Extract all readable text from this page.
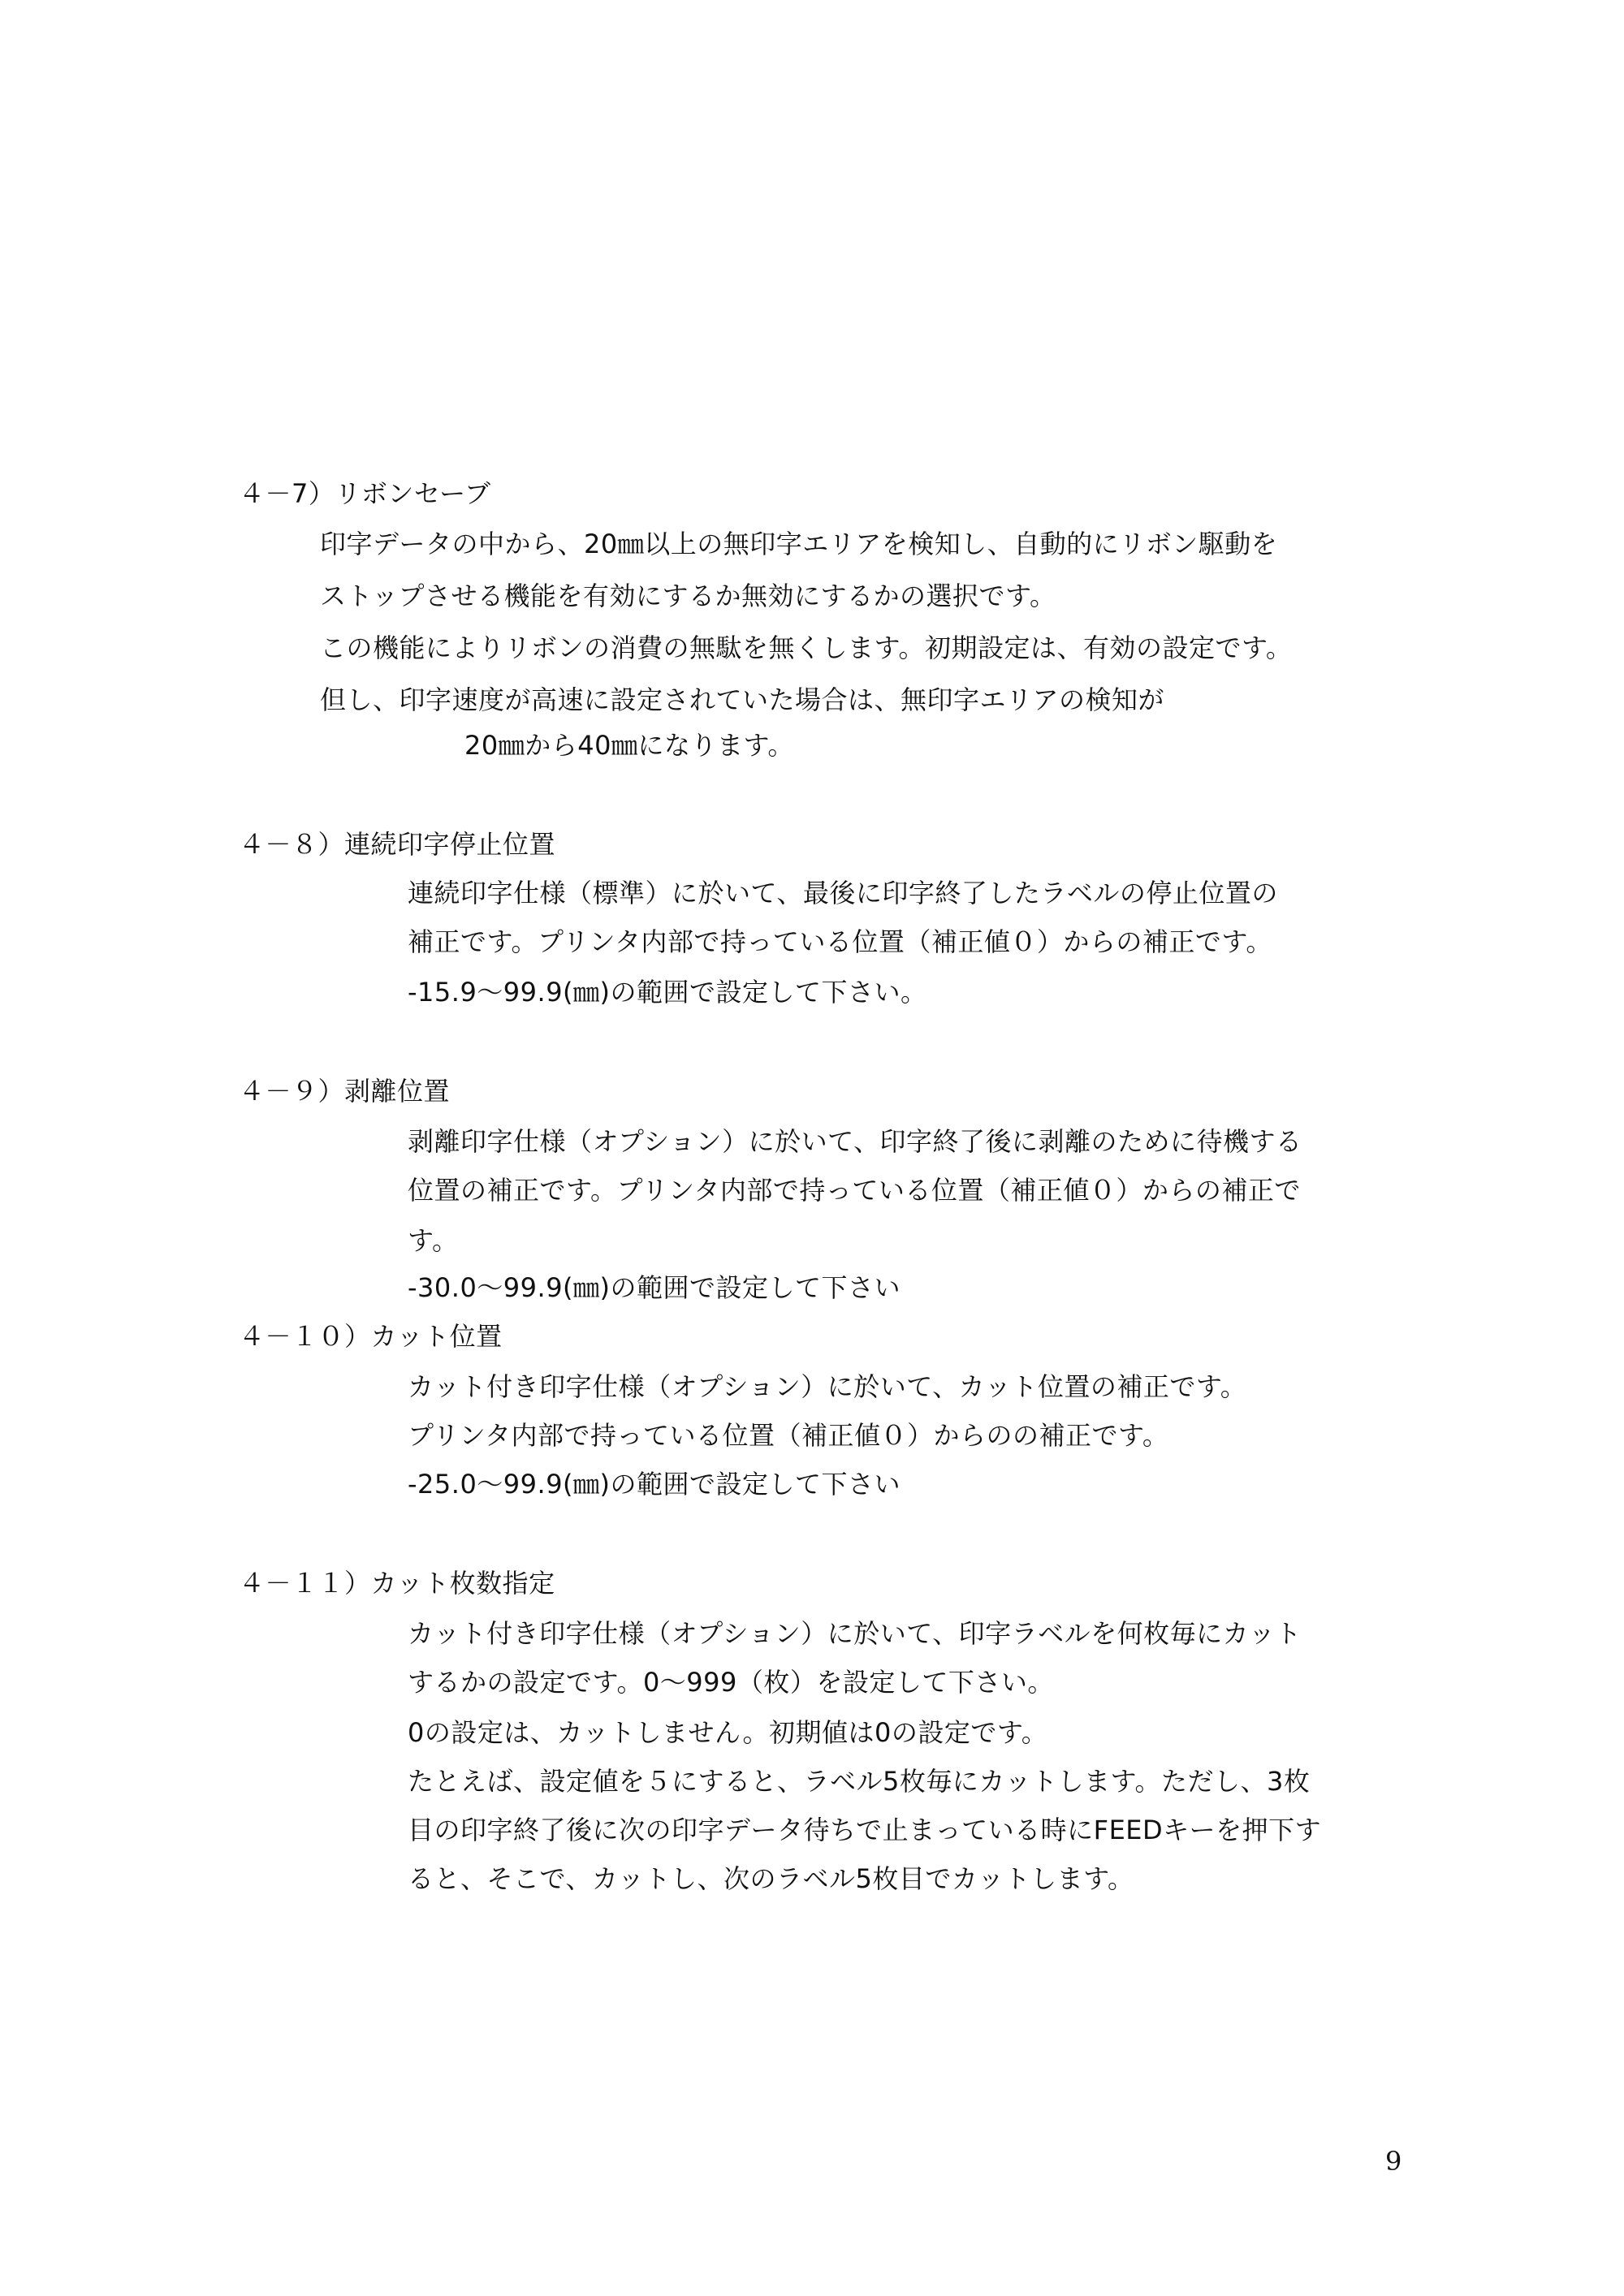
４－7）リボンセーブ
印字データの中から、20㎜以上の無印字エリアを検知し、自動的にリボン駆動を
ストップさせる機能を有効にするか無効にするかの選択です。
この機能によりリボンの消費の無駄を無くします。初期設定は、有効の設定です。
但し、印字速度が高速に設定されていた場合は、無印字エリアの検知が
20㎜から40㎜になります。
４－８）連続印字停止位置
連続印字仕様（標準）に於いて、最後に印字終了したラベルの停止位置の
補正です。プリンタ内部で持っている位置（補正値０）からの補正です。
-15.9～99.9(㎜)の範囲で設定して下さい。
４－９）剥離位置
剥離印字仕様（オプション）に於いて、印字終了後に剥離のために待機する
位置の補正です。プリンタ内部で持っている位置（補正値０）からの補正で
す。
-30.0～99.9(㎜)の範囲で設定して下さい
４－１０）カット位置
カット付き印字仕様（オプション）に於いて、カット位置の補正です。
プリンタ内部で持っている位置（補正値０）からのの補正です。
-25.0～99.9(㎜)の範囲で設定して下さい
４－１１）カット枚数指定
カット付き印字仕様（オプション）に於いて、印字ラベルを何枚毎にカット
するかの設定です。0～999（枚）を設定して下さい。
0の設定は、カットしません。初期値は0の設定です。
たとえば、設定値を５にすると、ラベル5枚毎にカットします。ただし、3枚
目の印字終了後に次の印字データ待ちで止まっている時にFEEDキーを押下す
ると、そこで、カットし、次のラベル5枚目でカットします。
9
